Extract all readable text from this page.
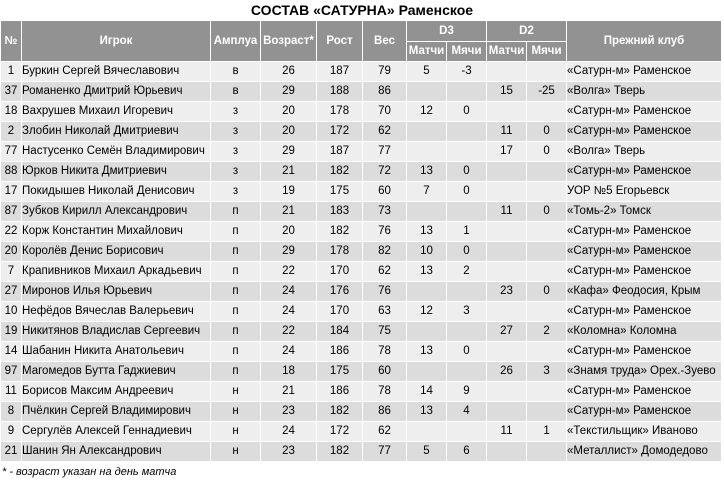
СОСТАВ «САТУРНА» Раменское
№	Игрок	Амплуа	Возраст*	Рост	Вес	D3		D2		Прежний клуб
						Матчи	Мячи	Матчи	Мячи	
1	Буркин Сергей Вячеславович	в	26	187	79	5	-3			«Сатурн-м» Раменское
37	Романенко Дмитрий Юрьевич	в	29	188	86			15	-25	«Волга» Тверь
18	Вахрушев Михаил Игоревич	з	20	178	70	12	0			«Сатурн-м» Раменское
2	Злобин Николай Дмитриевич	з	20	172	62			11	0	«Сатурн-м» Раменское
77	Настусенко Семён Владимирович	з	29	187	77			17	0	«Волга» Тверь
88	Юрков Никита Дмитриевич	з	21	182	72	13	0			«Сатурн-м» Раменское
17	Покидышев Николай Денисович	з	19	175	60	7	0			УОР №5 Егорьевск
87	Зубков Кирилл Александрович	п	21	183	73			11	0	«Томь-2» Томск
22	Корж Константин Михайлович	п	20	182	76	13	1			«Сатурн-м» Раменское
20	Королёв Денис Борисович	п	29	178	82	10	0			«Сатурн-м» Раменское
7	Крапивников Михаил Аркадьевич	п	22	170	62	13	2			«Сатурн-м» Раменское
27	Миронов Илья Юрьевич	п	24	176	76			23	0	«Кафа» Феодосия, Крым
10	Нефёдов Вячеслав Валерьевич	п	24	170	63	12	3			«Сатурн-м» Раменское
19	Никитянов Владислав Сергеевич	п	22	184	75			27	2	«Коломна» Коломна
14	Шабанин Никита Анатольевич	п	24	186	78	13	0			«Сатурн-м» Раменское
97	Магомедов Бутта Гаджиевич	п	18	175	60			26	3	«Знамя труда» Орех.-Зуево
11	Борисов Максим Андреевич	н	21	186	78	14	9			«Сатурн-м» Раменское
8	Пчёлкин Сергей Владимирович	н	23	182	86	13	4			«Сатурн-м» Раменское
9	Сергулёв Алексей Геннадиевич	н	24	172	62			11	1	«Текстильщик» Иваново
21	Шанин Ян Александрович	н	23	182	77	5	6			«Металлист» Домодедово
* - возраст указан на день матча
